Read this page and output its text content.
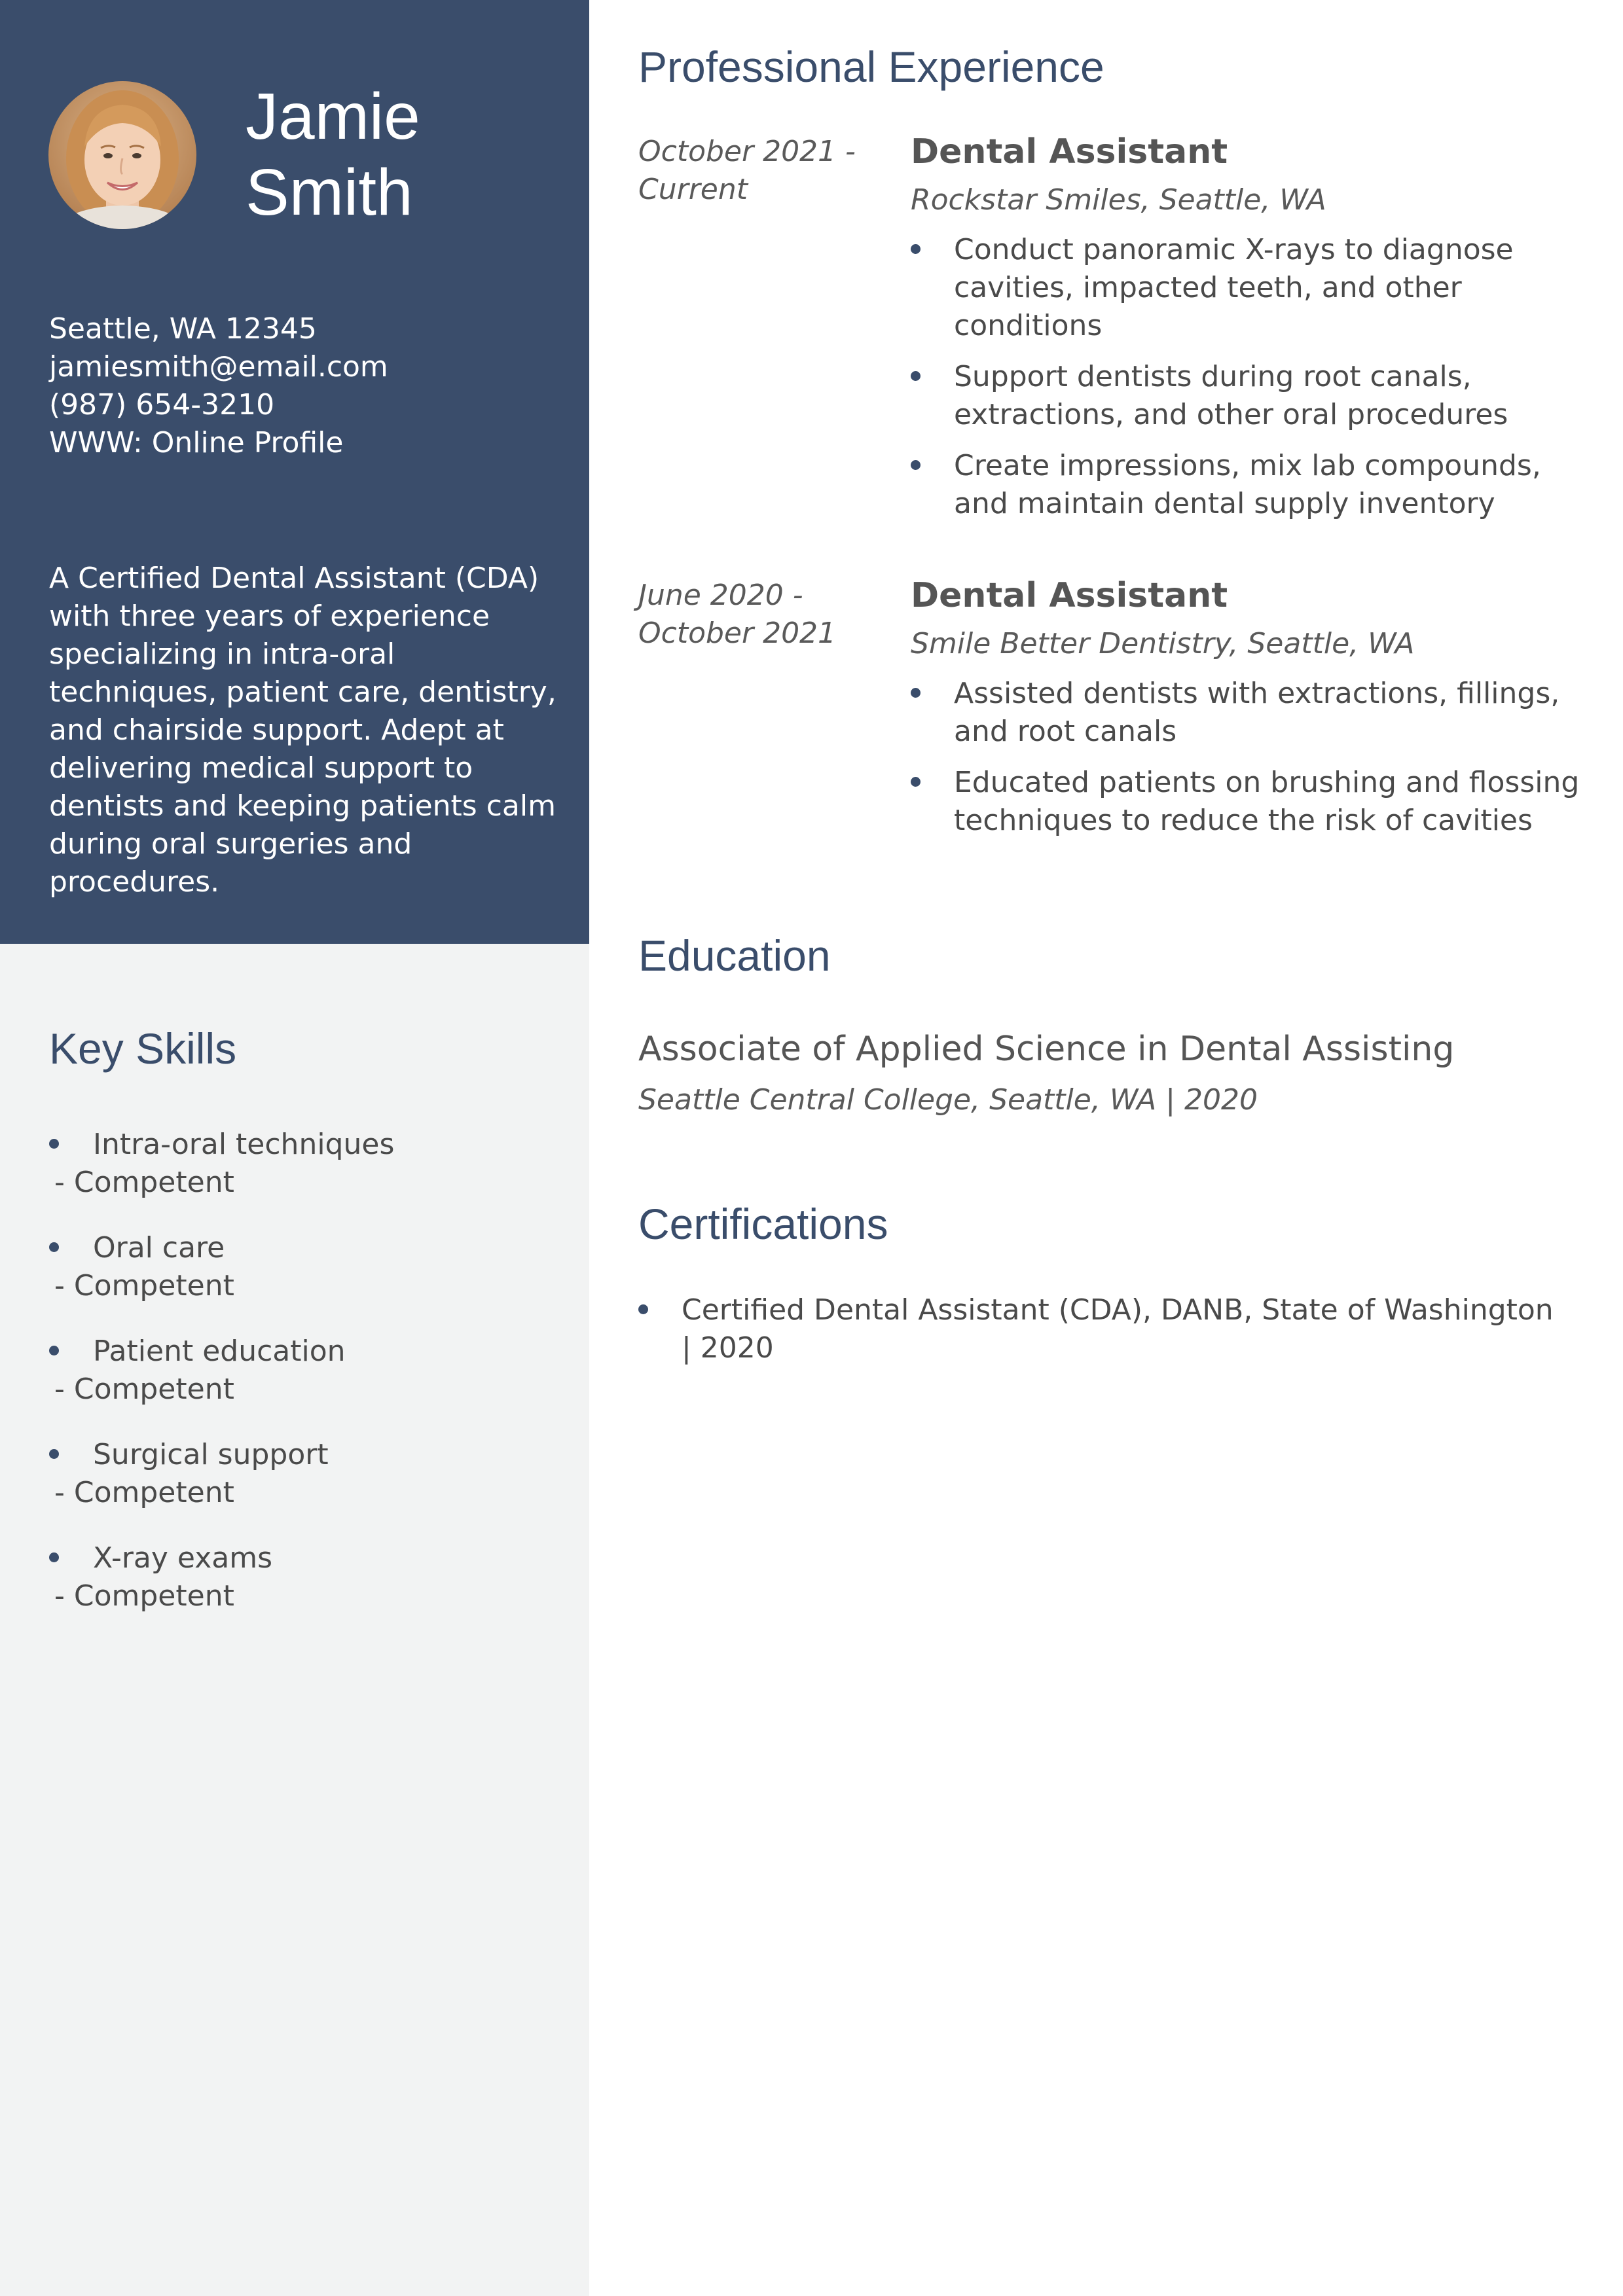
Jamie
Smith
Seattle, WA 12345
jamiesmith@email.com
(987) 654-3210
WWW: Online Profile
A Certified Dental Assistant (CDA) with three years of experience specializing in intra-oral techniques, patient care, dentistry, and chairside support. Adept at delivering medical support to dentists and keeping patients calm during oral surgeries and procedures.
Key Skills
Intra-oral techniques
- Competent
Oral care
- Competent
Patient education
- Competent
Surgical support
- Competent
X-ray exams
- Competent
Professional Experience
October 2021 -
Current
Dental Assistant
Rockstar Smiles, Seattle, WA
Conduct panoramic X-rays to diagnose cavities, impacted teeth, and other conditions
Support dentists during root canals, extractions, and other oral procedures
Create impressions, mix lab compounds, and maintain dental supply inventory
June 2020 -
October 2021
Dental Assistant
Smile Better Dentistry, Seattle, WA
Assisted dentists with extractions, fillings, and root canals
Educated patients on brushing and flossing techniques to reduce the risk of cavities
Education
Associate of Applied Science in Dental Assisting
Seattle Central College, Seattle, WA | 2020
Certifications
Certified Dental Assistant (CDA), DANB, State of Washington | 2020
